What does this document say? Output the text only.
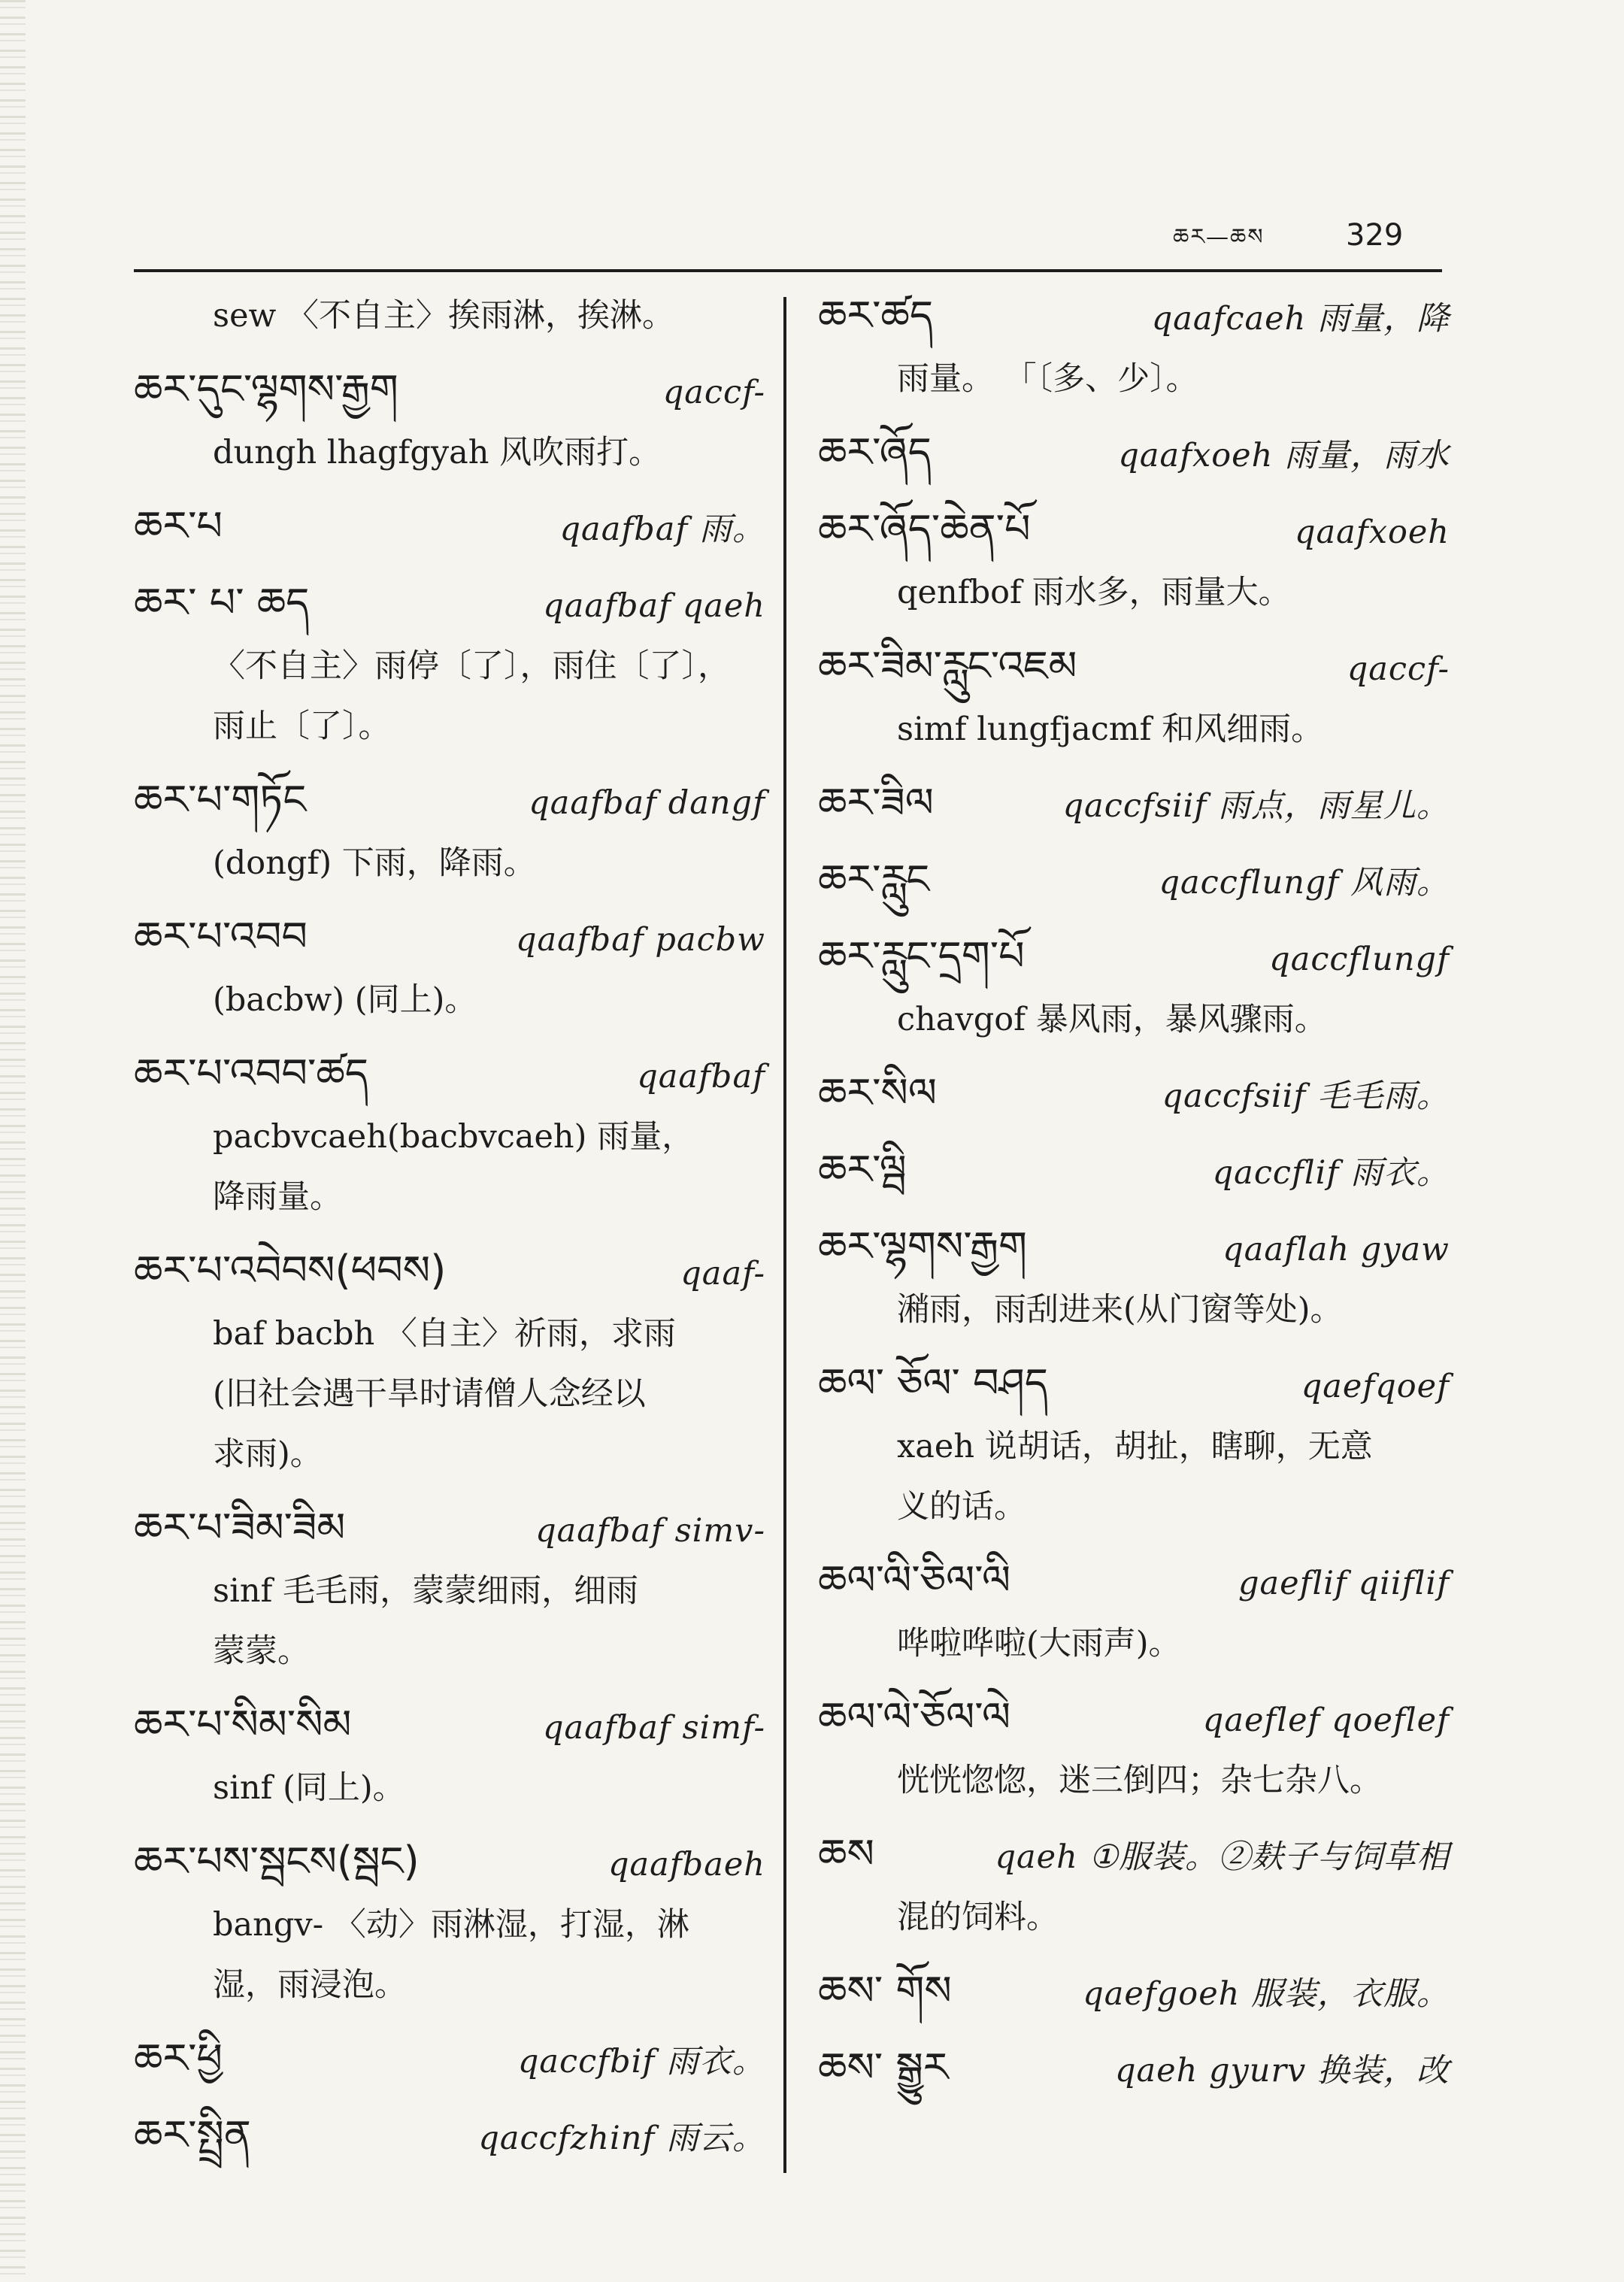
ཆར—ཆས	329
sew 〈不自主〉挨雨淋，挨淋。
ཆར་དུང་ལྷགས་རྒྱག	qaccf-
dungh lhagfgyah 风吹雨打。
ཆར་པ	qaafbaf 雨。
ཆར་ པ་ ཆད	qaafbaf qaeh
〈不自主〉雨停〔了〕，雨住〔了〕，
雨止〔了〕。
ཆར་པ་གཏོང	qaafbaf dangf
(dongf) 下雨，降雨。
ཆར་པ་འབབ	qaafbaf pacbw
(bacbw) (同上)。
ཆར་པ་འབབ་ཚད	qaafbaf
pacbvcaeh(bacbvcaeh) 雨量，
降雨量。
ཆར་པ་འབེབས(ཕབས)	qaaf-
baf bacbh 〈自主〉祈雨，求雨
(旧社会遇干旱时请僧人念经以
求雨)。
ཆར་པ་ཟིམ་ཟིམ	qaafbaf simv-
sinf 毛毛雨，蒙蒙细雨，细雨
蒙蒙。
ཆར་པ་སིམ་སིམ	qaafbaf simf-
sinf (同上)。
ཆར་པས་སྦངས(སྦང)	qaafbaeh
bangv- 〈动〉雨淋湿，打湿，淋
湿，雨浸泡。
ཆར་ཕྱི	qaccfbif 雨衣。
ཆར་སྤྲིན	qaccfzhinf 雨云。
ཆར་ཚད	qaafcaeh 雨量，降
雨量。 「〔多、少〕。
ཆར་ཞོད	qaafxoeh 雨量，雨水
ཆར་ཞོད་ཆེན་པོ	qaafxoeh
qenfbof 雨水多，雨量大。
ཆར་ཟིམ་རླུང་འཇམ	qaccf-
simf lungfjacmf 和风细雨。
ཆར་ཟིལ	qaccfsiif 雨点，雨星儿。
ཆར་རླུང	qaccflungf 风雨。
ཆར་རླུང་དྲག་པོ	qaccflungf
chavgof 暴风雨，暴风骤雨。
ཆར་སིལ	qaccfsiif 毛毛雨。
ཆར་ལྦི	qaccflif 雨衣。
ཆར་ལྷགས་རྒྱག	qaaflah gyaw
潲雨，雨刮进来(从门窗等处)。
ཆལ་ ཅོལ་ བཤད	qaefqoef
xaeh 说胡话，胡扯，瞎聊，无意
义的话。
ཆལ་ལི་ཅིལ་ལི	gaeflif qiiflif
哗啦哗啦(大雨声)。
ཆལ་ལེ་ཅོལ་ལེ	qaeflef qoeflef
恍恍惚惚，迷三倒四；杂七杂八。
ཆས	qaeh ①服装。②麸子与饲草相
混的饲料。
ཆས་ གོས	qaefgoeh 服装，衣服。
ཆས་ སྒྱུར	qaeh gyurv 换装，改
